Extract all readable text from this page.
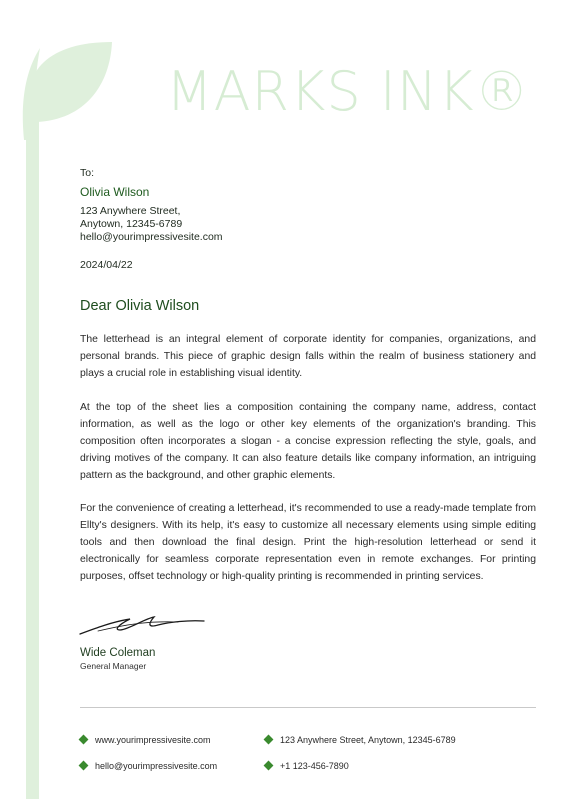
MARKS INK®
To:
Olivia Wilson
123 Anywhere Street,
Anytown, 12345-6789
hello@yourimpressivesite.com
2024/04/22
Dear Olivia Wilson

The letterhead is an integral element of corporate identity for companies, organizations, and personal brands. This piece of graphic design falls within the realm of business stationery and plays a crucial role in establishing visual identity.

At the top of the sheet lies a composition containing the company name, address, contact information, as well as the logo or other key elements of the organization's branding. This composition often incorporates a slogan - a concise expression reflecting the style, goals, and driving motives of the company. It can also feature details like company information, an intriguing pattern as the background, and other graphic elements.

For the convenience of creating a letterhead, it's recommended to use a ready-made template from Ellty's designers. With its help, it's easy to customize all necessary elements using simple editing tools and then download the final design. Print the high-resolution letterhead or send it electronically for seamless corporate representation even in remote exchanges. For printing purposes, offset technology or high-quality printing is recommended in printing services.

Wide Coleman
General Manager
www.yourimpressivesite.com	123 Anywhere Street, Anytown, 12345-6789
hello@yourimpressivesite.com	+1 123-456-7890
